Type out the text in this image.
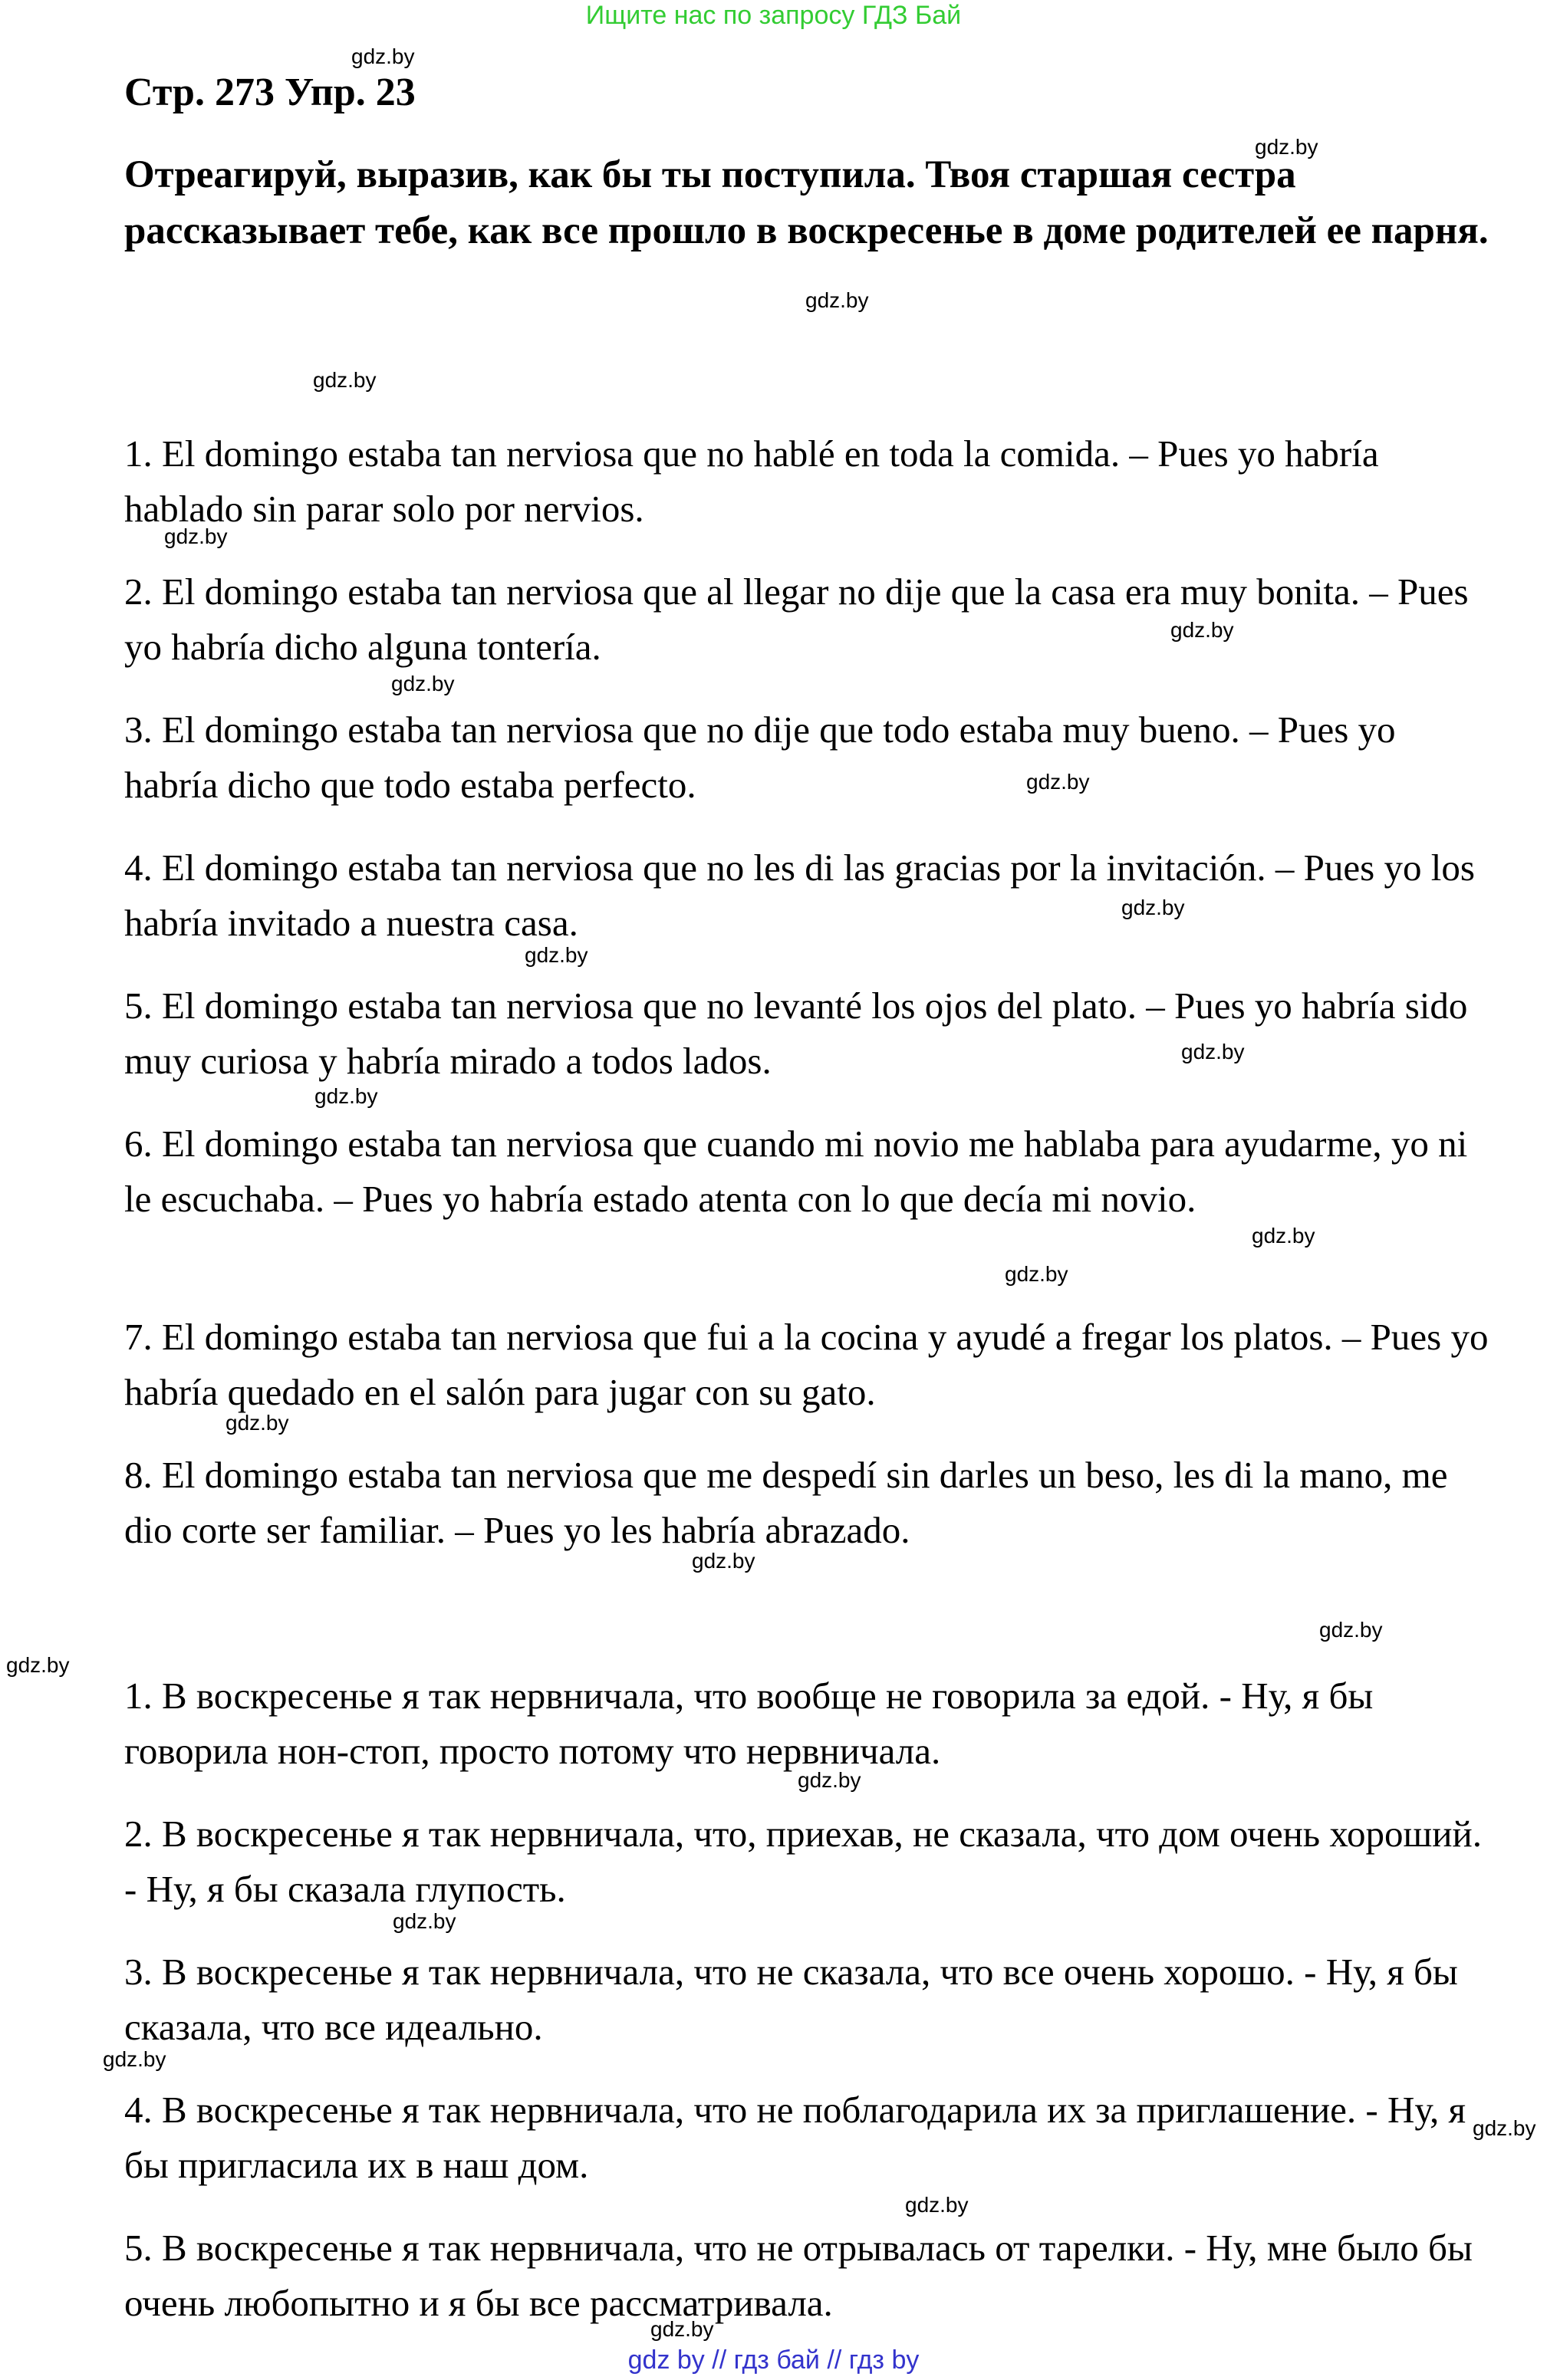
Ищите нас по запросу ГДЗ Бай
Стр. 273 Упр. 23
Отреагируй, выразив, как бы ты поступила. Твоя старшая сестра рассказывает тебе, как все прошло в воскресенье в доме родителей ее парня.
1. El domingo estaba tan nerviosa que no hablé en toda la comida. – Pues yo habría hablado sin parar solo por nervios.
2. El domingo estaba tan nerviosa que al llegar no dije que la casa era muy bonita. – Pues yo habría dicho alguna tontería.
3. El domingo estaba tan nerviosa que no dije que todo estaba muy bueno. – Pues yo habría dicho que todo estaba perfecto.
4. El domingo estaba tan nerviosa que no les di las gracias por la invitación. – Pues yo los habría invitado a nuestra casa.
5. El domingo estaba tan nerviosa que no levanté los ojos del plato. – Pues yo habría sido muy curiosa y habría mirado a todos lados.
6. El domingo estaba tan nerviosa que cuando mi novio me hablaba para ayudarme, yo ni le escuchaba. – Pues yo habría estado atenta con lo que decía mi novio.
7. El domingo estaba tan nerviosa que fui a la cocina y ayudé a fregar los platos. – Pues yo habría quedado en el salón para jugar con su gato.
8. El domingo estaba tan nerviosa que me despedí sin darles un beso, les di la mano, me dio corte ser familiar. – Pues yo les habría abrazado.
1. В воскресенье я так нервничала, что вообще не говорила за едой. - Ну, я бы говорила нон-стоп, просто потому что нервничала.
2. В воскресенье я так нервничала, что, приехав, не сказала, что дом очень хороший. - Ну, я бы сказала глупость.
3. В воскресенье я так нервничала, что не сказала, что все очень хорошо. - Ну, я бы сказала, что все идеально.
4. В воскресенье я так нервничала, что не поблагодарила их за приглашение. - Ну, я бы пригласила их в наш дом.
5. В воскресенье я так нервничала, что не отрывалась от тарелки. - Ну, мне было бы очень любопытно и я бы все рассматривала.
gdz.by
gdz.by
gdz.by
gdz.by
gdz.by
gdz.by
gdz.by
gdz.by
gdz.by
gdz.by
gdz.by
gdz.by
gdz.by
gdz.by
gdz.by
gdz.by
gdz.by
gdz.by
gdz.by
gdz.by
gdz.by
gdz.by
gdz.by
gdz.by
gdz by // гдз бай // гдз by
